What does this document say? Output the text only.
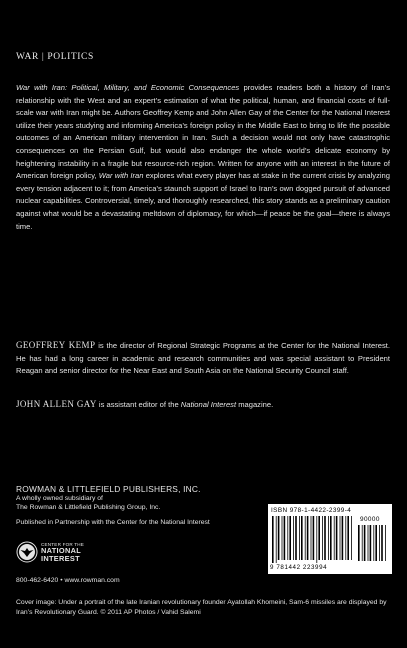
WAR | POLITICS
War with Iran: Political, Military, and Economic Consequences provides readers both a history of Iran’s relationship with the West and an expert’s estimation of what the political, human, and financial costs of full-scale war with Iran might be. Authors Geoffrey Kemp and John Allen Gay of the Center for the National Interest utilize their years studying and informing America’s foreign policy in the Middle East to bring to life the possible outcomes of an American military intervention in Iran. Such a decision would not only have catastrophic consequences on the Persian Gulf, but would also endanger the whole world’s delicate economy by heightening instability in a fragile but resource-rich region. Written for anyone with an interest in the future of American foreign policy, War with Iran explores what every player has at stake in the current crisis by analyzing every tension adjacent to it; from America’s staunch support of Israel to Iran’s own dogged pursuit of advanced nuclear capabilities. Controversial, timely, and thoroughly researched, this story stands as a preliminary caution against what would be a devastating meltdown of diplomacy, for which—if peace be the goal—there is always time.
GEOFFREY KEMP is the director of Regional Strategic Programs at the Center for the National Interest. He has had a long career in academic and research communities and was special assistant to President Reagan and senior director for the Near East and South Asia on the National Security Council staff.
JOHN ALLEN GAY is assistant editor of the National Interest magazine.
ROWMAN & LITTLEFIELD PUBLISHERS, INC.
A wholly owned subsidiary of
The Rowman & Littlefield Publishing Group, Inc.
Published in Partnership with the Center for the National Interest
CENTER FOR THE
NATIONAL
INTEREST
800-462-6420 • www.rowman.com
Cover image: Under a portrait of the late Iranian revolutionary founder Ayatollah Khomeini, Sam-6 missiles are displayed by Iran’s Revolutionary Guard. © 2011 AP Photos / Vahid Salemi
ISBN 978-1-4422-2399-4
90000
9 781442 223994
